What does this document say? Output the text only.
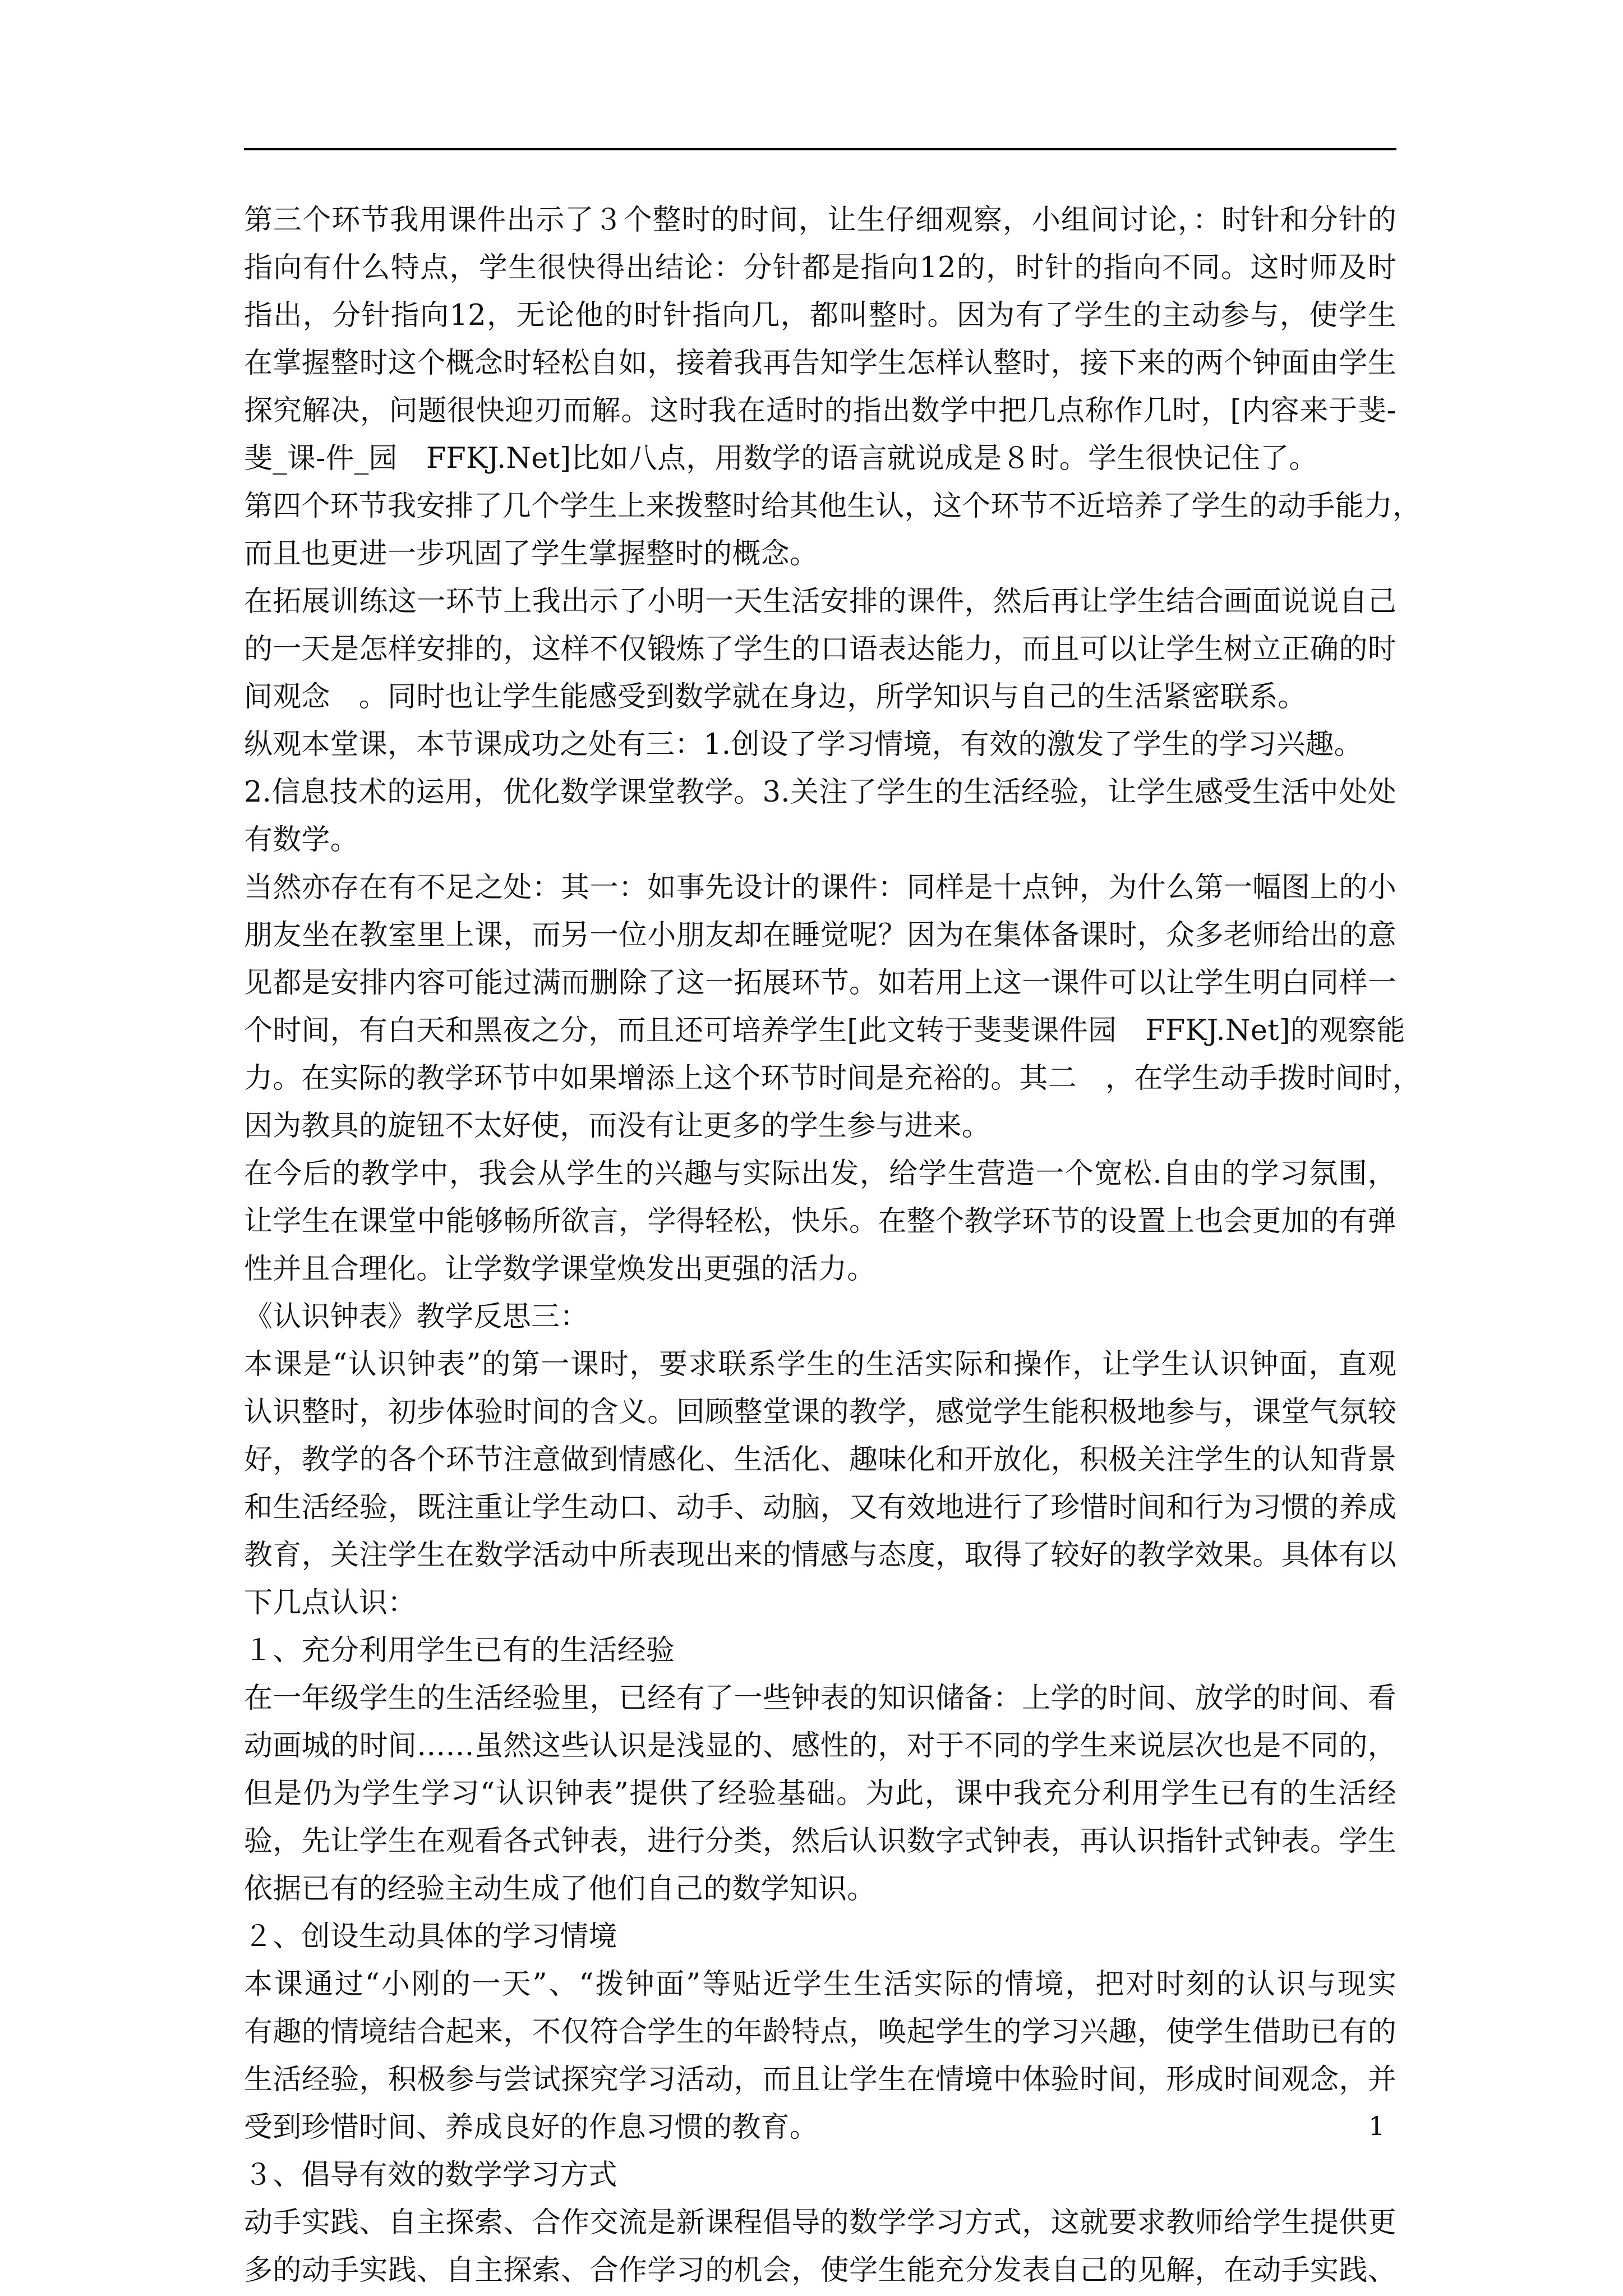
第三个环节我用课件出示了３个整时的时间，让生仔细观察，小组间讨论，：时针和分针的
指向有什么特点，学生很快得出结论：分针都是指向12的，时针的指向不同。这时师及时
指出，分针指向12，无论他的时针指向几，都叫整时。因为有了学生的主动参与，使学生
在掌握整时这个概念时轻松自如，接着我再告知学生怎样认整时，接下来的两个钟面由学生
探究解决，问题很快迎刃而解。这时我在适时的指出数学中把几点称作几时，[内容来于斐-
斐_课-件_园　FFKJ.Net]比如八点，用数学的语言就说成是８时。学生很快记住了。
第四个环节我安排了几个学生上来拨整时给其他生认，这个环节不近培养了学生的动手能力，
而且也更进一步巩固了学生掌握整时的概念。
在拓展训练这一环节上我出示了小明一天生活安排的课件，然后再让学生结合画面说说自己
的一天是怎样安排的，这样不仅锻炼了学生的口语表达能力，而且可以让学生树立正确的时
间观念　。同时也让学生能感受到数学就在身边，所学知识与自己的生活紧密联系。
纵观本堂课，本节课成功之处有三：1.创设了学习情境，有效的激发了学生的学习兴趣。
2.信息技术的运用，优化数学课堂教学。3.关注了学生的生活经验，让学生感受生活中处处
有数学。
当然亦存在有不足之处：其一：如事先设计的课件：同样是十点钟，为什么第一幅图上的小
朋友坐在教室里上课，而另一位小朋友却在睡觉呢？因为在集体备课时，众多老师给出的意
见都是安排内容可能过满而删除了这一拓展环节。如若用上这一课件可以让学生明白同样一
个时间，有白天和黑夜之分，而且还可培养学生[此文转于斐斐课件园　FFKJ.Net]的观察能
力。在实际的教学环节中如果增添上这个环节时间是充裕的。其二　，在学生动手拨时间时，
因为教具的旋钮不太好使，而没有让更多的学生参与进来。
在今后的教学中，我会从学生的兴趣与实际出发，给学生营造一个宽松.自由的学习氛围，
让学生在课堂中能够畅所欲言，学得轻松，快乐。在整个教学环节的设置上也会更加的有弹
性并且合理化。让学数学课堂焕发出更强的活力。
《认识钟表》教学反思三：
本课是“认识钟表”的第一课时，要求联系学生的生活实际和操作，让学生认识钟面，直观
认识整时，初步体验时间的含义。回顾整堂课的教学，感觉学生能积极地参与，课堂气氛较
好，教学的各个环节注意做到情感化、生活化、趣味化和开放化，积极关注学生的认知背景
和生活经验，既注重让学生动口、动手、动脑，又有效地进行了珍惜时间和行为习惯的养成
教育，关注学生在数学活动中所表现出来的情感与态度，取得了较好的教学效果。具体有以
下几点认识：
１、充分利用学生已有的生活经验
在一年级学生的生活经验里，已经有了一些钟表的知识储备：上学的时间、放学的时间、看
动画城的时间……虽然这些认识是浅显的、感性的，对于不同的学生来说层次也是不同的，
但是仍为学生学习“认识钟表”提供了经验基础。为此，课中我充分利用学生已有的生活经
验，先让学生在观看各式钟表，进行分类，然后认识数字式钟表，再认识指针式钟表。学生
依据已有的经验主动生成了他们自己的数学知识。
２、创设生动具体的学习情境
本课通过“小刚的一天”、“拨钟面”等贴近学生生活实际的情境，把对时刻的认识与现实
有趣的情境结合起来，不仅符合学生的年龄特点，唤起学生的学习兴趣，使学生借助已有的
生活经验，积极参与尝试探究学习活动，而且让学生在情境中体验时间，形成时间观念，并
受到珍惜时间、养成良好的作息习惯的教育。
３、倡导有效的数学学习方式
动手实践、自主探索、合作交流是新课程倡导的数学学习方式，这就要求教师给学生提供更
多的动手实践、自主探索、合作学习的机会，使学生能充分发表自己的见解，在动手实践、
1
